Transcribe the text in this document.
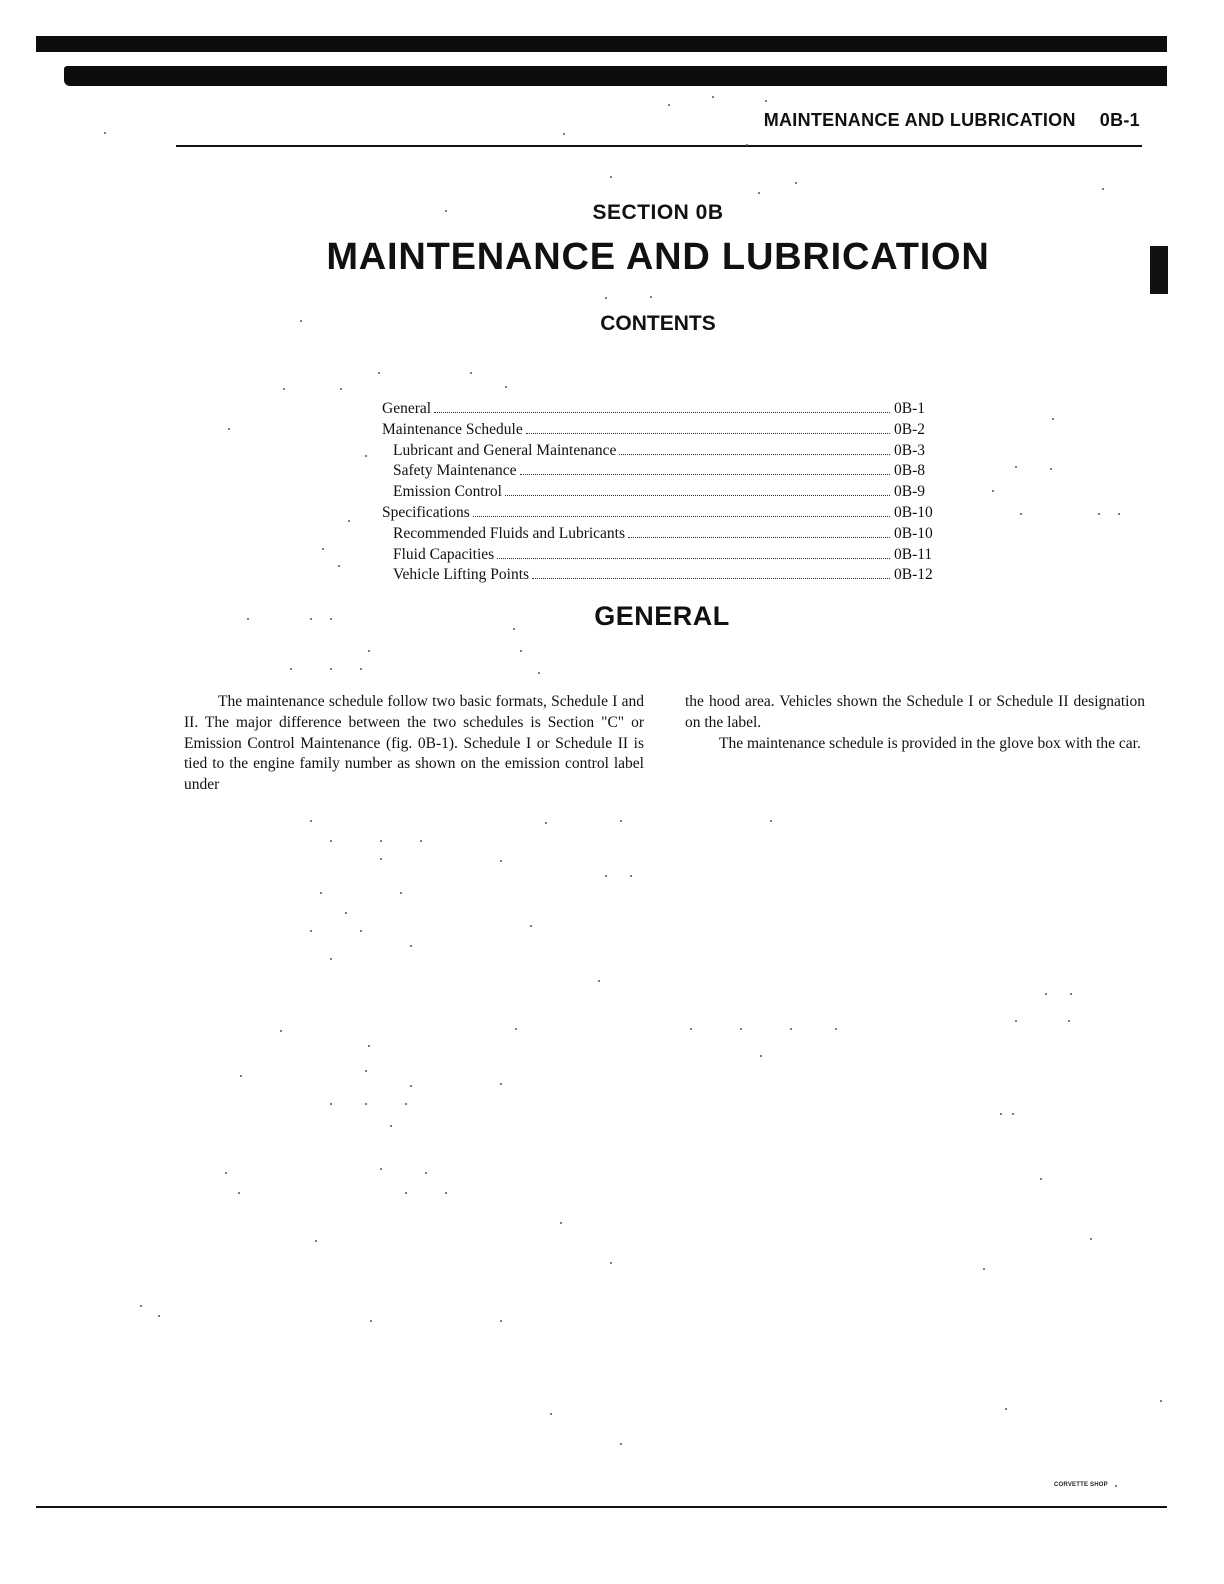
MAINTENANCE AND LUBRICATION 0B-1
SECTION 0B
MAINTENANCE AND LUBRICATION
CONTENTS
General	0B-1
Maintenance Schedule	0B-2
Lubricant and General Maintenance	0B-3
Safety Maintenance	0B-8
Emission Control	0B-9
Specifications	0B-10
Recommended Fluids and Lubricants	0B-10
Fluid Capacities	0B-11
Vehicle Lifting Points	0B-12
GENERAL

The maintenance schedule follow two basic formats, Schedule I and II. The major difference between the two schedules is Section "C" or Emission Control Maintenance (fig. 0B-1). Schedule I or Schedule II is tied to the engine family number as shown on the emission control label under

the hood area. Vehicles shown the Schedule I or Schedule II designation on the label.

The maintenance schedule is provided in the glove box with the car.

CORVETTE SHOP
